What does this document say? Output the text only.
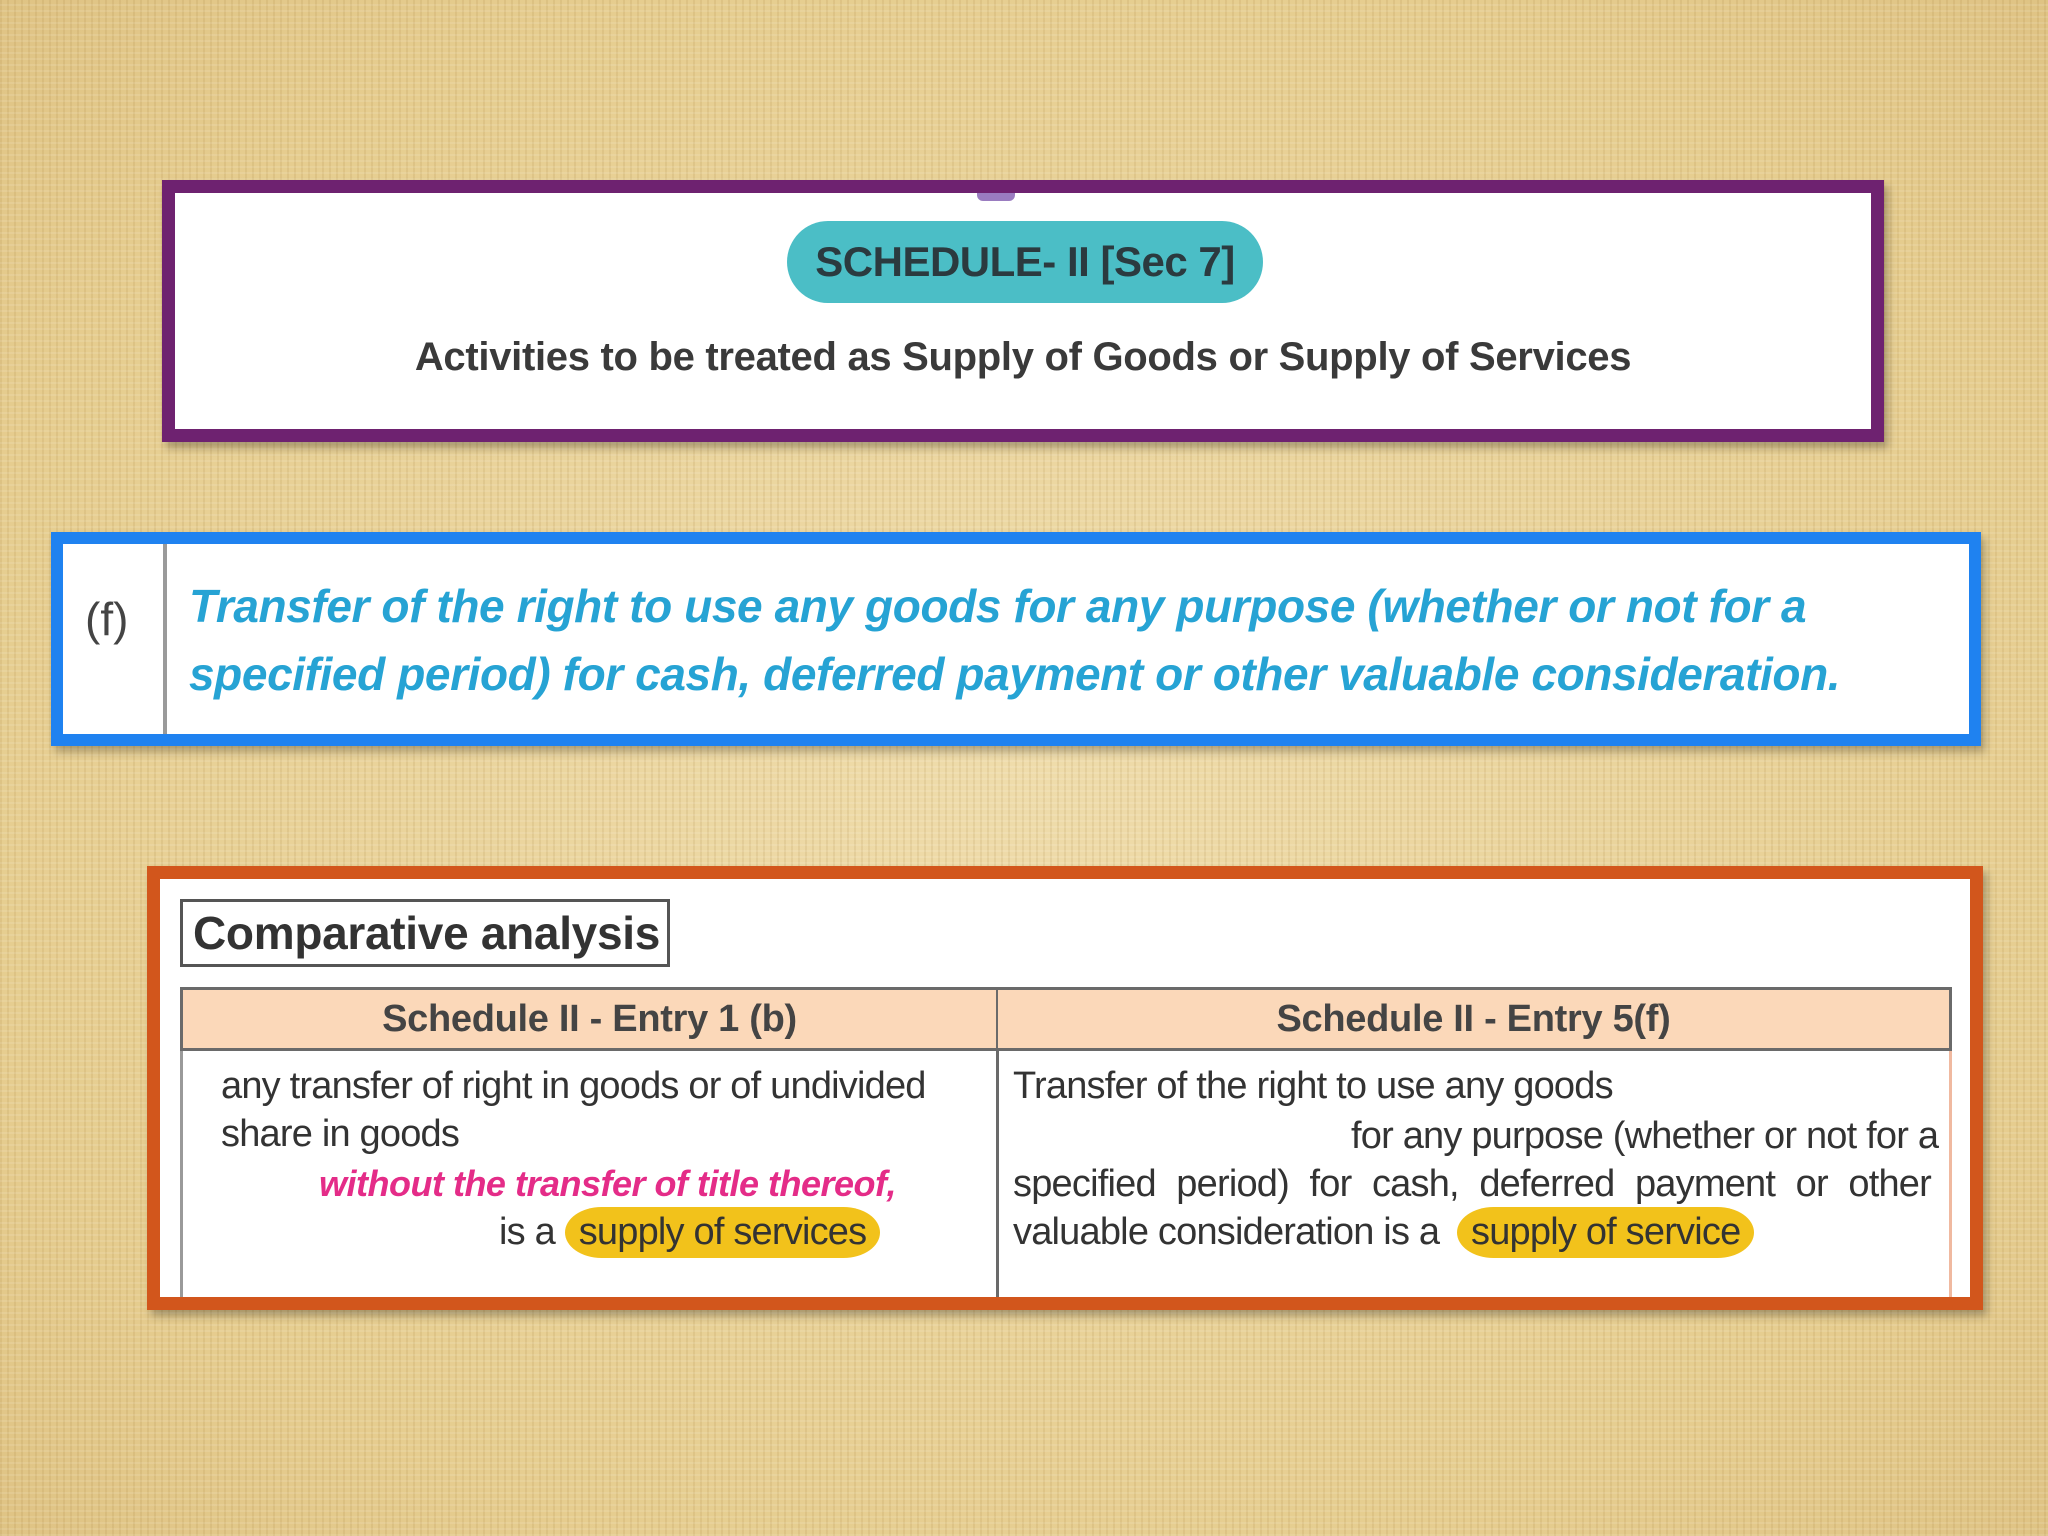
SCHEDULE- II [Sec 7]
Activities to be treated as Supply of Goods or Supply of Services
(f) Transfer of the right to use any goods for any purpose (whether or not for a
specified period) for cash, deferred payment or other valuable consideration.
Comparative analysis
Schedule II - Entry 1 (b)	Schedule II - Entry 5(f)
any transfer of right in goods or of undivided
share in goods
without the transfer of title thereof,
is a supply of services
Transfer of the right to use any goods
for any purpose (whether or not for a
specified period) for cash, deferred payment or other
valuable consideration is a supply of service
